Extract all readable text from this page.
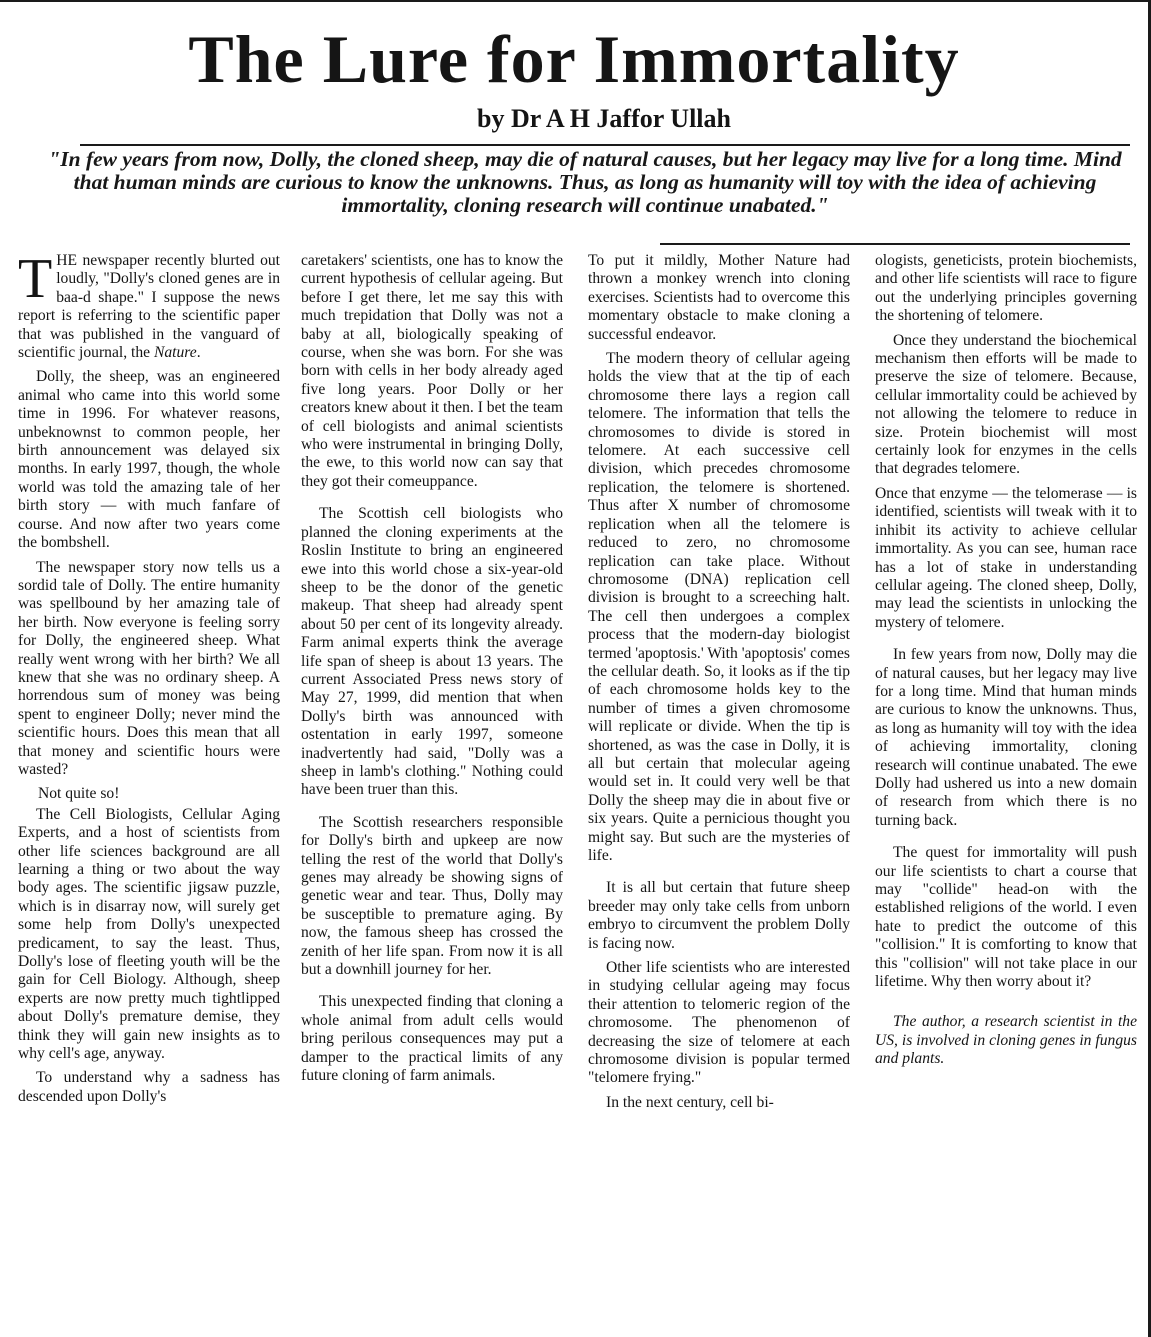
The Lure for Immortality
by Dr A H Jaffor Ullah
"In few years from now, Dolly, the cloned sheep, may die of natural causes, but her legacy may live for a long time. Mind that human minds are curious to know the unknowns. Thus, as long as humanity will toy with the idea of achieving immortality, cloning research will continue unabated."

THE newspaper recently blurted out loudly, "Dolly's cloned genes are in baa-d shape." I suppose the news report is referring to the scientific paper that was published in the vanguard of scientific journal, the Nature.

Dolly, the sheep, was an engineered animal who came into this world some time in 1996. For whatever reasons, unbeknownst to common people, her birth announcement was delayed six months. In early 1997, though, the whole world was told the amazing tale of her birth story — with much fanfare of course. And now after two years come the bombshell.

The newspaper story now tells us a sordid tale of Dolly. The entire humanity was spellbound by her amazing tale of her birth. Now everyone is feeling sorry for Dolly, the engineered sheep. What really went wrong with her birth? We all knew that she was no ordinary sheep. A horrendous sum of money was being spent to engineer Dolly; never mind the scientific hours. Does this mean that all that money and scientific hours were wasted?

Not quite so!

The Cell Biologists, Cellular Aging Experts, and a host of scientists from other life sciences background are all learning a thing or two about the way body ages. The scientific jigsaw puzzle, which is in disarray now, will surely get some help from Dolly's unexpected predicament, to say the least. Thus, Dolly's lose of fleeting youth will be the gain for Cell Biology. Although, sheep experts are now pretty much tightlipped about Dolly's premature demise, they think they will gain new insights as to why cell's age, anyway.

To understand why a sadness has descended upon Dolly's

caretakers' scientists, one has to know the current hypothesis of cellular ageing. But before I get there, let me say this with much trepidation that Dolly was not a baby at all, biologically speaking of course, when she was born. For she was born with cells in her body already aged five long years. Poor Dolly or her creators knew about it then. I bet the team of cell biologists and animal scientists who were instrumental in bringing Dolly, the ewe, to this world now can say that they got their comeuppance.

The Scottish cell biologists who planned the cloning experiments at the Roslin Institute to bring an engineered ewe into this world chose a six-year-old sheep to be the donor of the genetic makeup. That sheep had already spent about 50 per cent of its longevity already. Farm animal experts think the average life span of sheep is about 13 years. The current Associated Press news story of May 27, 1999, did mention that when Dolly's birth was announced with ostentation in early 1997, someone inadvertently had said, "Dolly was a sheep in lamb's clothing." Nothing could have been truer than this.

The Scottish researchers responsible for Dolly's birth and upkeep are now telling the rest of the world that Dolly's genes may already be showing signs of genetic wear and tear. Thus, Dolly may be susceptible to premature aging. By now, the famous sheep has crossed the zenith of her life span. From now it is all but a downhill journey for her.

This unexpected finding that cloning a whole animal from adult cells would bring perilous consequences may put a damper to the practical limits of any future cloning of farm animals.

To put it mildly, Mother Nature had thrown a monkey wrench into cloning exercises. Scientists had to overcome this momentary obstacle to make cloning a successful endeavor.

The modern theory of cellular ageing holds the view that at the tip of each chromosome there lays a region call telomere. The information that tells the chromosomes to divide is stored in telomere. At each successive cell division, which precedes chromosome replication, the telomere is shortened. Thus after X number of chromosome replication when all the telomere is reduced to zero, no chromosome replication can take place. Without chromosome (DNA) replication cell division is brought to a screeching halt. The cell then undergoes a complex process that the modern-day biologist termed 'apoptosis.' With 'apoptosis' comes the cellular death. So, it looks as if the tip of each chromosome holds key to the number of times a given chromosome will replicate or divide. When the tip is shortened, as was the case in Dolly, it is all but certain that molecular ageing would set in. It could very well be that Dolly the sheep may die in about five or six years. Quite a pernicious thought you might say. But such are the mysteries of life.

It is all but certain that future sheep breeder may only take cells from unborn embryo to circumvent the problem Dolly is facing now.

Other life scientists who are interested in studying cellular ageing may focus their attention to telomeric region of the chromosome. The phenomenon of decreasing the size of telomere at each chromosome division is popular termed "telomere frying."

In the next century, cell bi-

ologists, geneticists, protein biochemists, and other life scientists will race to figure out the underlying principles governing the shortening of telomere.

Once they understand the biochemical mechanism then efforts will be made to preserve the size of telomere. Because, cellular immortality could be achieved by not allowing the telomere to reduce in size. Protein biochemist will most certainly look for enzymes in the cells that degrades telomere.

Once that enzyme — the telomerase — is identified, scientists will tweak with it to inhibit its activity to achieve cellular immortality. As you can see, human race has a lot of stake in understanding cellular ageing. The cloned sheep, Dolly, may lead the scientists in unlocking the mystery of telomere.

In few years from now, Dolly may die of natural causes, but her legacy may live for a long time. Mind that human minds are curious to know the unknowns. Thus, as long as humanity will toy with the idea of achieving immortality, cloning research will continue unabated. The ewe Dolly had ushered us into a new domain of research from which there is no turning back.

The quest for immortality will push our life scientists to chart a course that may "collide" head-on with the established religions of the world. I even hate to predict the outcome of this "collision." It is comforting to know that this "collision" will not take place in our lifetime. Why then worry about it?

The author, a research scientist in the US, is involved in cloning genes in fungus and plants.
